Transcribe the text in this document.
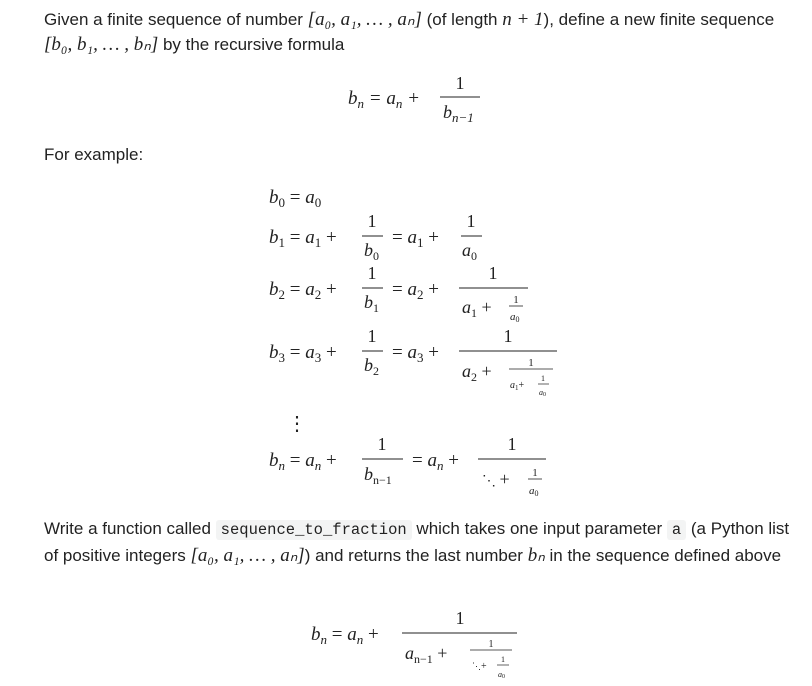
Given a finite sequence of number [a₀, a₁, … , aₙ] (of length n + 1), define a new finite sequence [b₀, b₁, … , bₙ] by the recursive formula

For example:

Write a function called sequence_to_fraction which takes one input parameter a (a Python list of positive integers [a₀, a₁, … , aₙ]) and returns the last number bₙ in the sequence defined above

$b_n = a_n$ +
1
$b_{n-1}$
$b_0 = a_0$
$b_1 = a_1$ +
1
$b_0$
= $a_1$ +
1
$a_0$
$b_2 = a_2$ +
1
$b_1$
= $a_2$ +
1
$a_1 + 1$
a0
$b_3 = a_3$ +
1
$b_2$
= $a_3$ +
1
$a_2$ +	1
$a_1+$
1
a0
⋮
$b_n = a_n$ +
1
$b_{n-1}$
= $a_n$ +
1
⋱ + 1
a0
$b_n = a_n$ +
1
$a_{n-1}$ +	1
⋱+
1
a0
